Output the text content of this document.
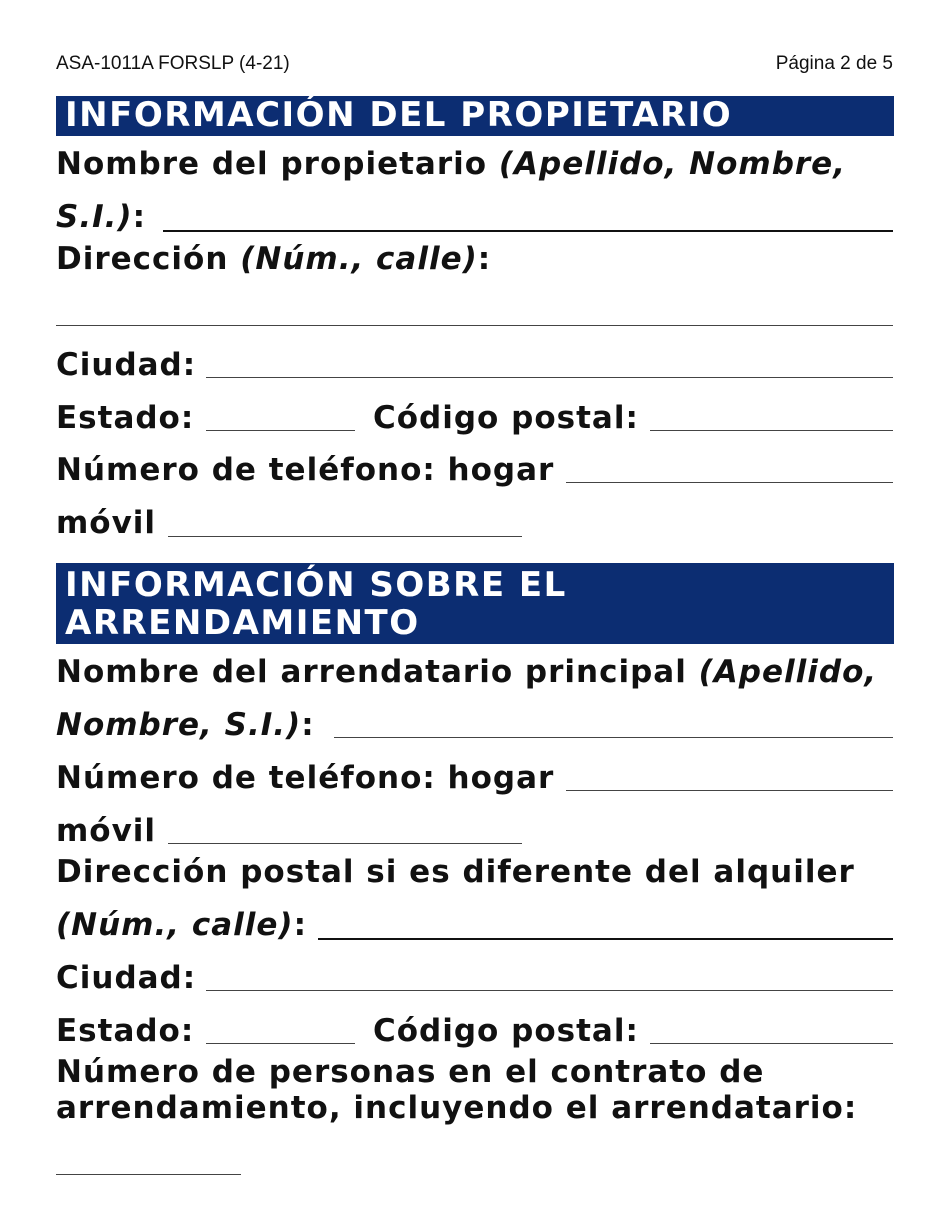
ASA-1011A FORSLP (4-21)	Página 2 de 5
INFORMACIÓN DEL PROPIETARIO
Nombre del propietario (Apellido, Nombre,
S.I.):
Dirección (Núm., calle):
Ciudad:
Estado:	Código postal:
Número de teléfono: hogar
móvil
INFORMACIÓN SOBRE EL
ARRENDAMIENTO
Nombre del arrendatario principal (Apellido,
Nombre, S.I.):
Número de teléfono: hogar
móvil
Dirección postal si es diferente del alquiler
(Núm., calle):
Ciudad:
Estado:	Código postal:
Número de personas en el contrato de
arrendamiento, incluyendo el arrendatario:
